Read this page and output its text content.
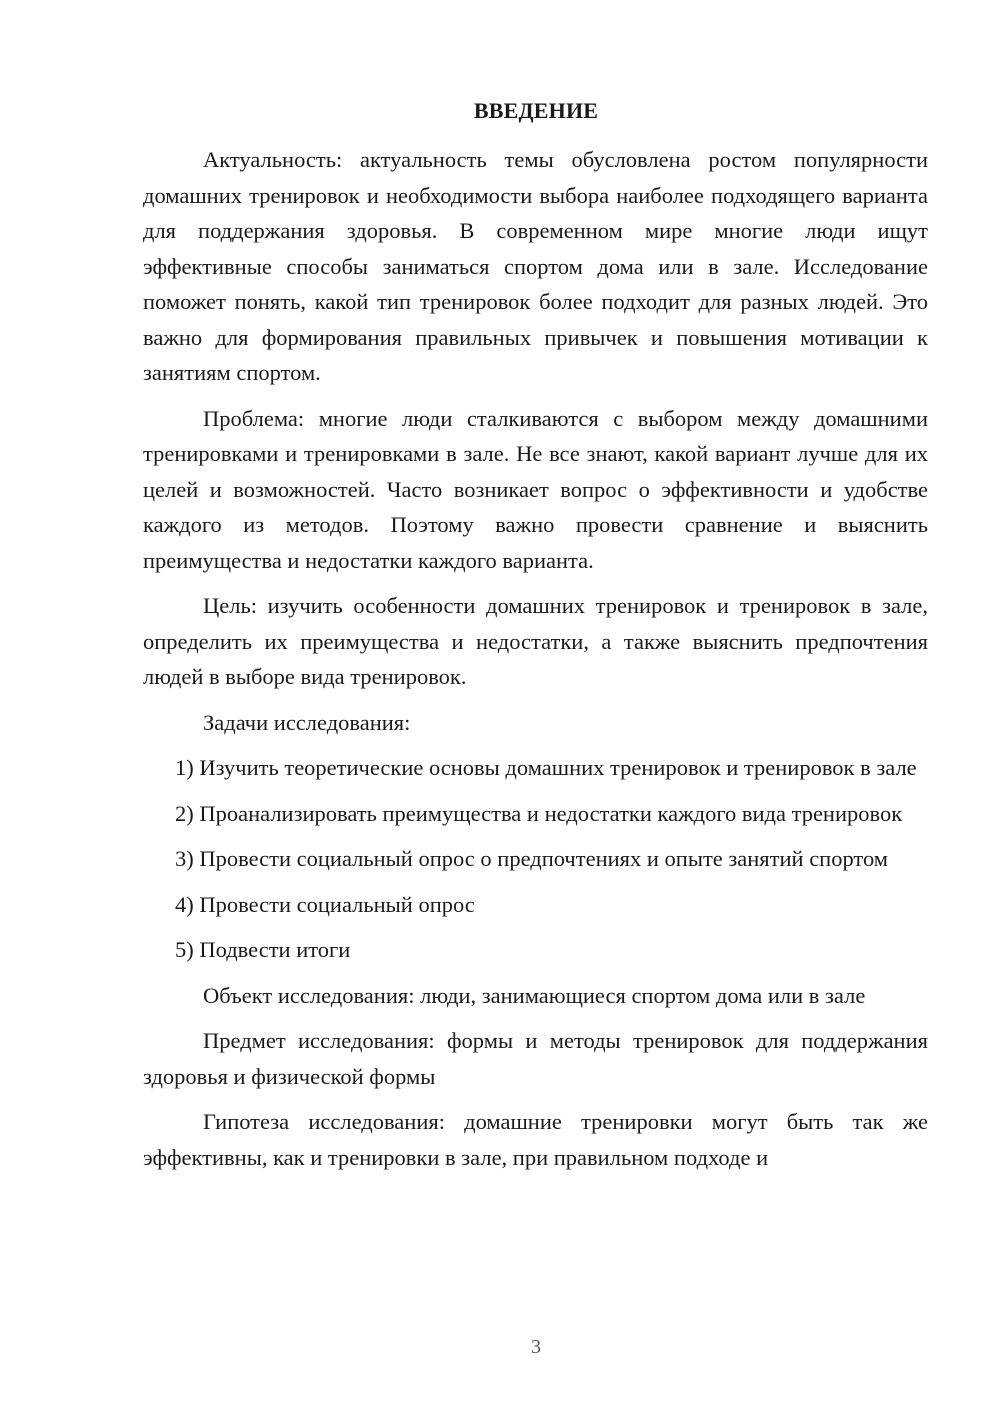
ВВЕДЕНИЕ

Актуальность: актуальность темы обусловлена ростом популярности домашних тренировок и необходимости выбора наиболее подходящего варианта для поддержания здоровья. В современном мире многие люди ищут эффективные способы заниматься спортом дома или в зале. Исследование поможет понять, какой тип тренировок более подходит для разных людей. Это важно для формирования правильных привычек и повышения мотивации к занятиям спортом.

Проблема: многие люди сталкиваются с выбором между домашними тренировками и тренировками в зале. Не все знают, какой вариант лучше для их целей и возможностей. Часто возникает вопрос о эффективности и удобстве каждого из методов. Поэтому важно провести сравнение и выяснить преимущества и недостатки каждого варианта.

Цель: изучить особенности домашних тренировок и тренировок в зале, определить их преимущества и недостатки, а также выяснить предпочтения людей в выборе вида тренировок.

Задачи исследования:

1) Изучить теоретические основы домашних тренировок и тренировок в зале

2) Проанализировать преимущества и недостатки каждого вида тренировок

3) Провести социальный опрос о предпочтениях и опыте занятий спортом

4) Провести социальный опрос

5) Подвести итоги

Объект исследования: люди, занимающиеся спортом дома или в зале

Предмет исследования: формы и методы тренировок для поддержания здоровья и физической формы

Гипотеза исследования: домашние тренировки могут быть так же эффективны, как и тренировки в зале, при правильном подходе и

3
